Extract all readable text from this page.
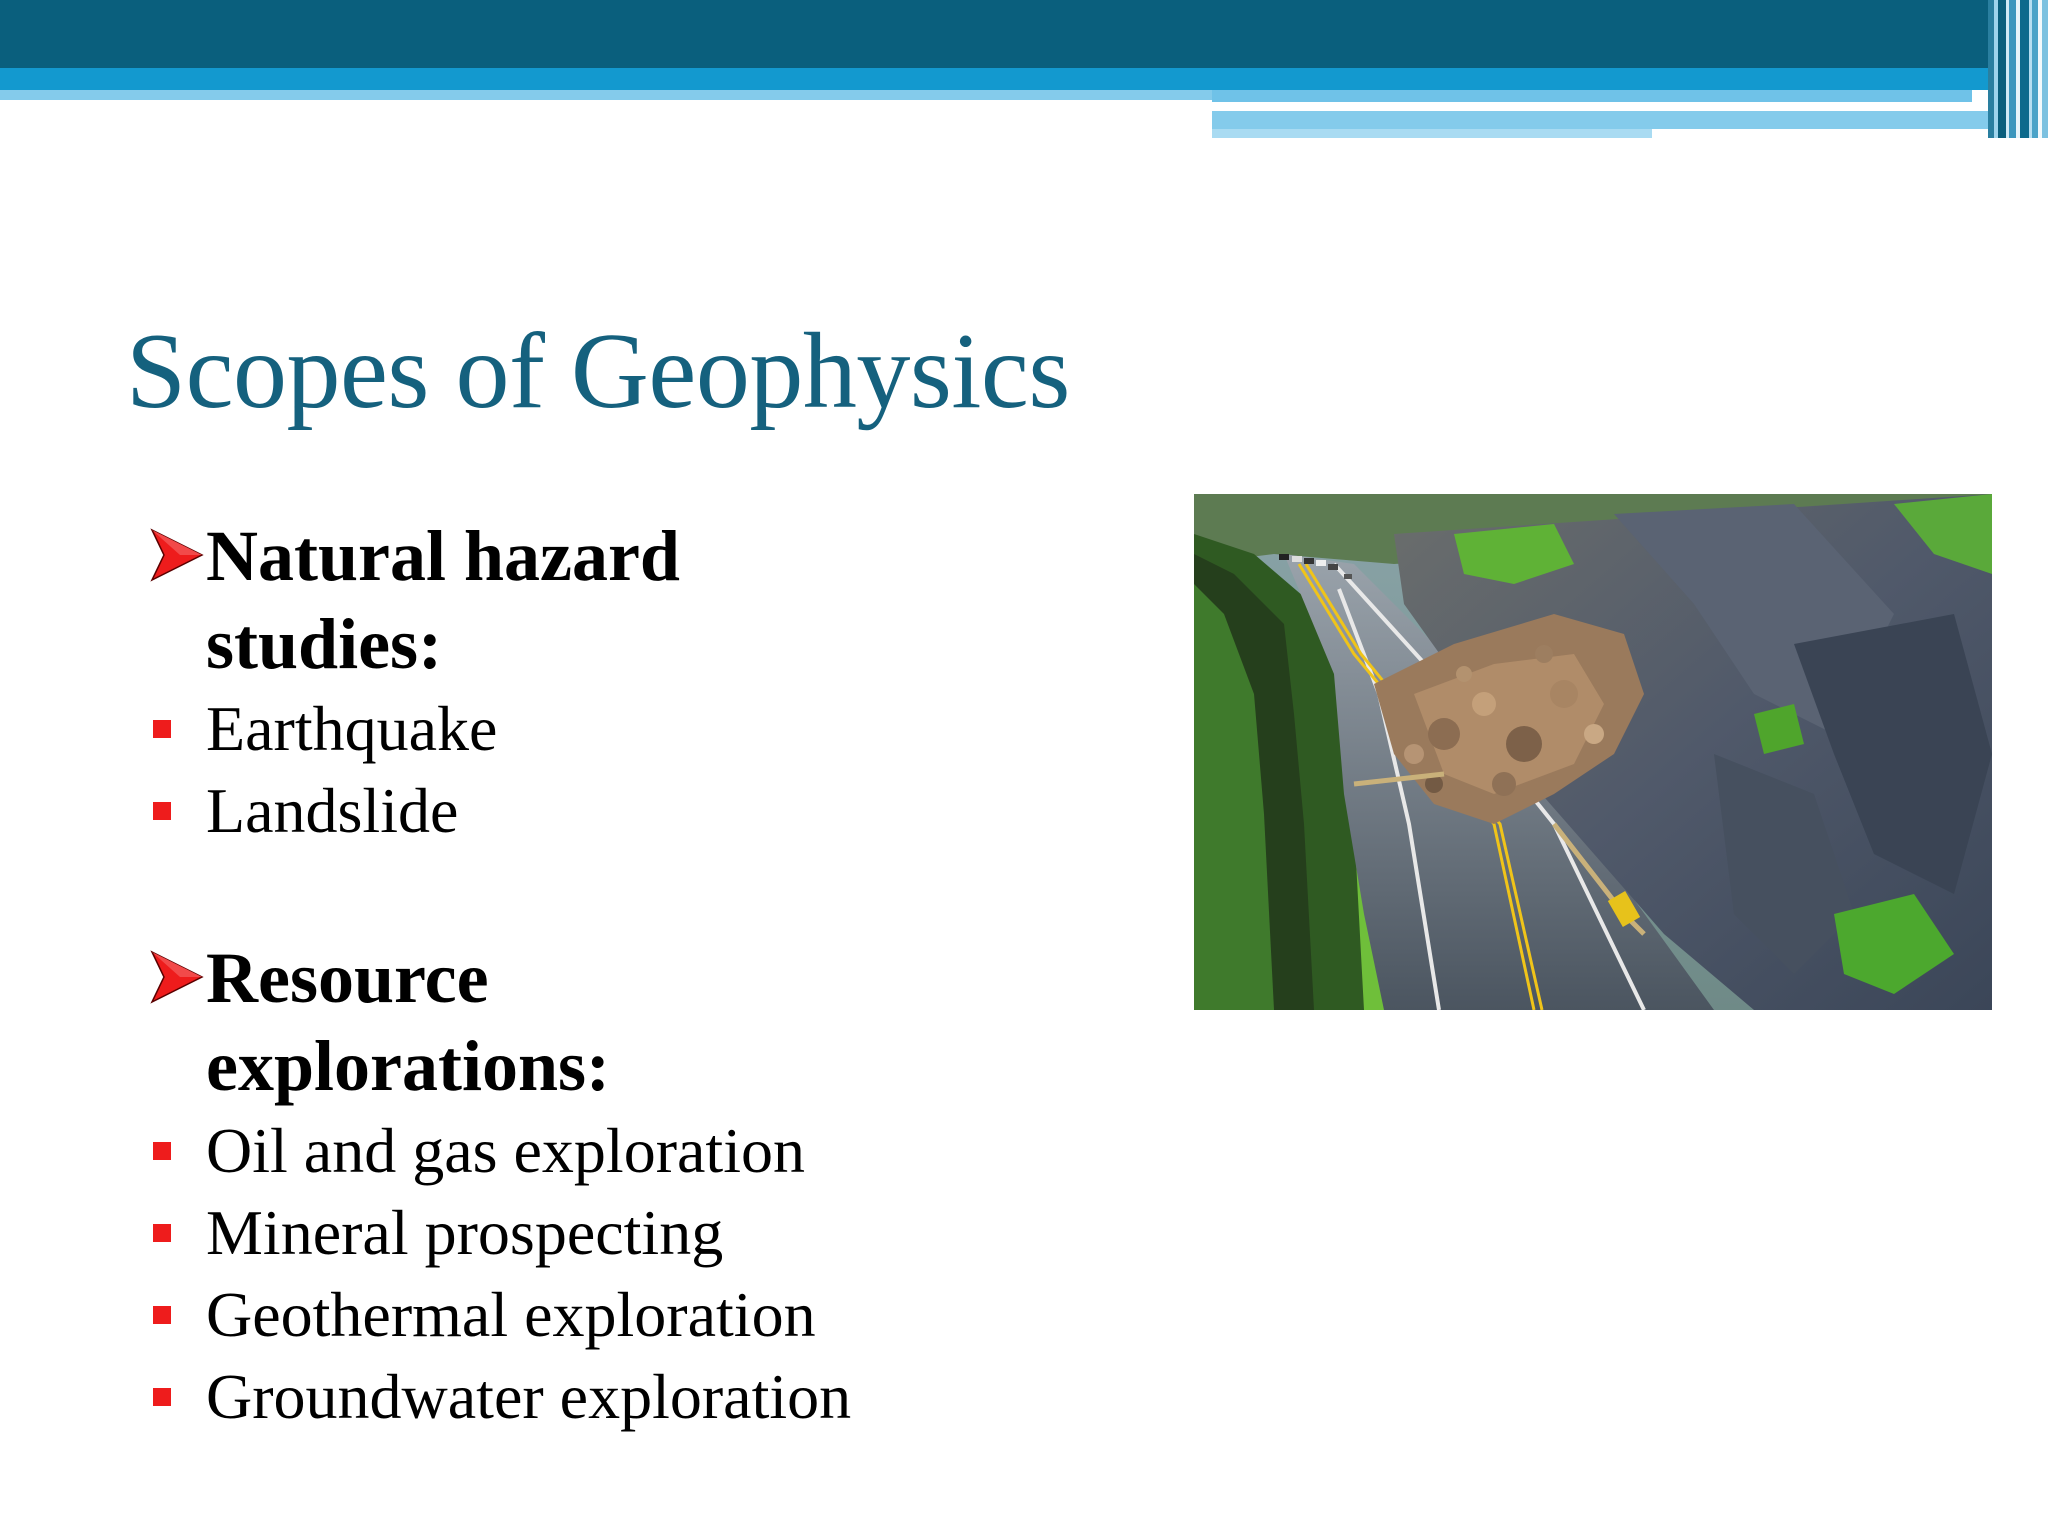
Scopes of Geophysics
Natural hazard
studies:
Earthquake
Landslide
Resource
explorations:
Oil and gas exploration
Mineral prospecting
Geothermal exploration
Groundwater exploration
